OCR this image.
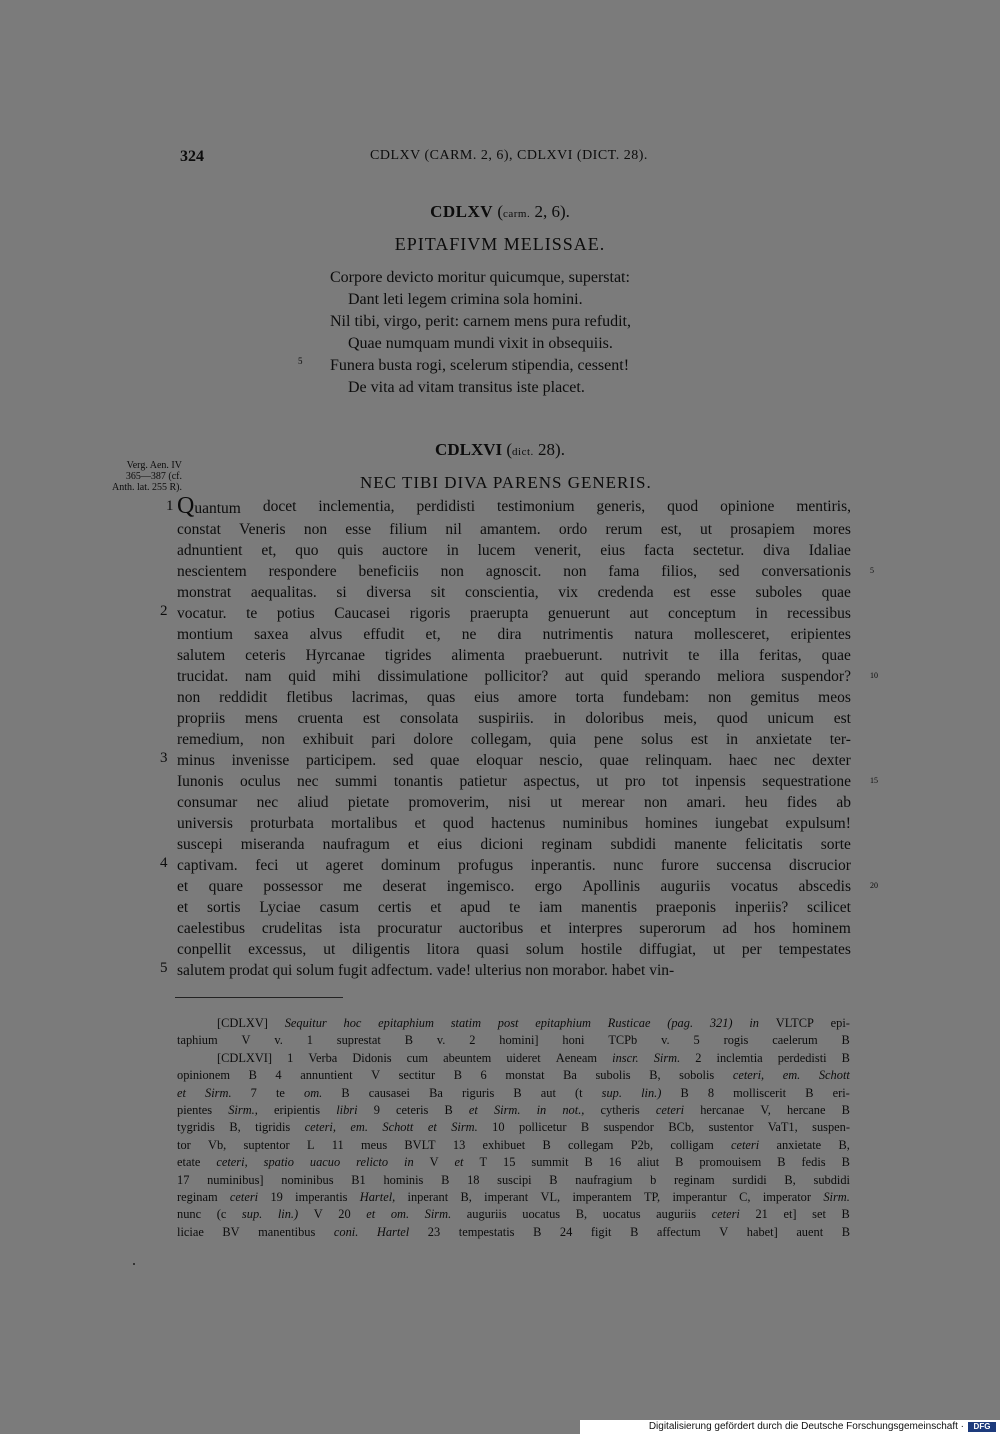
324	CDLXV (CARM. 2, 6), CDLXVI (DICT. 28).
CDLXV (carm. 2, 6).
EPITAFIVM MELISSAE.
Corpore devicto moritur quicumque, superstat:
Dant leti legem crimina sola homini.
Nil tibi, virgo, perit: carnem mens pura refudit,
Quae numquam mundi vixit in obsequiis.
Funera busta rogi, scelerum stipendia, cessent!
De vita ad vitam transitus iste placet.
5
CDLXVI (dict. 28).
Verg. Aen. IV 365—387 (cf. Anth. lat. 255 R).	NEC TIBI DIVA PARENS GENERIS.
Quantum docet inclementia, perdidisti testimonium generis, quod opinione mentiris,
constat Veneris non esse filium nil amantem. ordo rerum est, ut prosapiem mores
adnuntient et, quo quis auctore in lucem venerit, eius facta sectetur. diva Idaliae
nescientem respondere beneficiis non agnoscit. non fama filios, sed conversationis
monstrat aequalitas. si diversa sit conscientia, vix credenda est esse suboles quae
vocatur. te potius Caucasei rigoris praerupta genuerunt aut conceptum in recessibus
montium saxea alvus effudit et, ne dira nutrimentis natura mollesceret, eripientes
salutem ceteris Hyrcanae tigrides alimenta praebuerunt. nutrivit te illa feritas, quae
trucidat. nam quid mihi dissimulatione pollicitor? aut quid sperando meliora suspendor?
non reddidit fletibus lacrimas, quas eius amore torta fundebam: non gemitus meos
propriis mens cruenta est consolata suspiriis. in doloribus meis, quod unicum est
remedium, non exhibuit pari dolore collegam, quia pene solus est in anxietate ter-
minus invenisse participem. sed quae eloquar nescio, quae relinquam. haec nec dexter
Iunonis oculus nec summi tonantis patietur aspectus, ut pro tot inpensis sequestratione
consumar nec aliud pietate promoverim, nisi ut merear non amari. heu fides ab
universis proturbata mortalibus et quod hactenus numinibus homines iungebat expulsum!
suscepi miseranda naufragum et eius dicioni reginam subdidi manente felicitatis sorte
captivam. feci ut ageret dominum profugus inperantis. nunc furore succensa discrucior
et quare possessor me deserat ingemisco. ergo Apollinis auguriis vocatus abscedis
et sortis Lyciae casum certis et apud te iam manentis praeponis inperiis? scilicet
caelestibus crudelitas ista procuratur auctoribus et interpres superorum ad hos hominem
conpellit excessus, ut diligentis litora quasi solum hostile diffugiat, ut per tempestates
salutem prodat qui solum fugit adfectum. vade! ulterius non morabor. habet vin-
1
2
3
4
5
5
10
15
20
[CDLXV] Sequitur hoc epitaphium statim post epitaphium Rusticae (pag. 321) in VLTCP epi-
taphium V v. 1 suprestat B v. 2 homini] honi TCPb v. 5 rogis caelerum B
[CDLXVI] 1 Verba Didonis cum abeuntem uideret Aeneam inscr. Sirm. 2 inclemtia perdedisti B
opinionem B 4 annuntient V sectitur B 6 monstat Ba subolis B, sobolis ceteri, em. Schott
et Sirm. 7 te om. B causasei Ba riguris B aut (t sup. lin.) B 8 molliscerit B eri-
pientes Sirm., eripientis libri 9 ceteris B et Sirm. in not., cytheris ceteri hercanae V, hercane B
tygridis B, tigridis ceteri, em. Schott et Sirm. 10 pollicetur B suspendor BCb, sustentor VaT1, suspen-
tor Vb, suptentor L 11 meus BVLT 13 exhibuet B collegam P2b, colligam ceteri anxietate B,
etate ceteri, spatio uacuo relicto in V et T 15 summit B 16 aliut B promouisem B fedis B
17 numinibus] nominibus B1 hominis B 18 suscipi B naufragium b reginam surdidi B, subdidi
reginam ceteri 19 imperantis Hartel, inperant B, imperant VL, imperantem TP, imperantur C, imperator Sirm.
nunc (c sup. lin.) V 20 et om. Sirm. auguriis uocatus B, uocatus auguriis ceteri 21 et] set B
liciae BV manentibus coni. Hartel 23 tempestatis B 24 figit B affectum V habet] auent B
Digitalisierung gefördert durch die Deutsche Forschungsgemeinschaft ·	DFG
